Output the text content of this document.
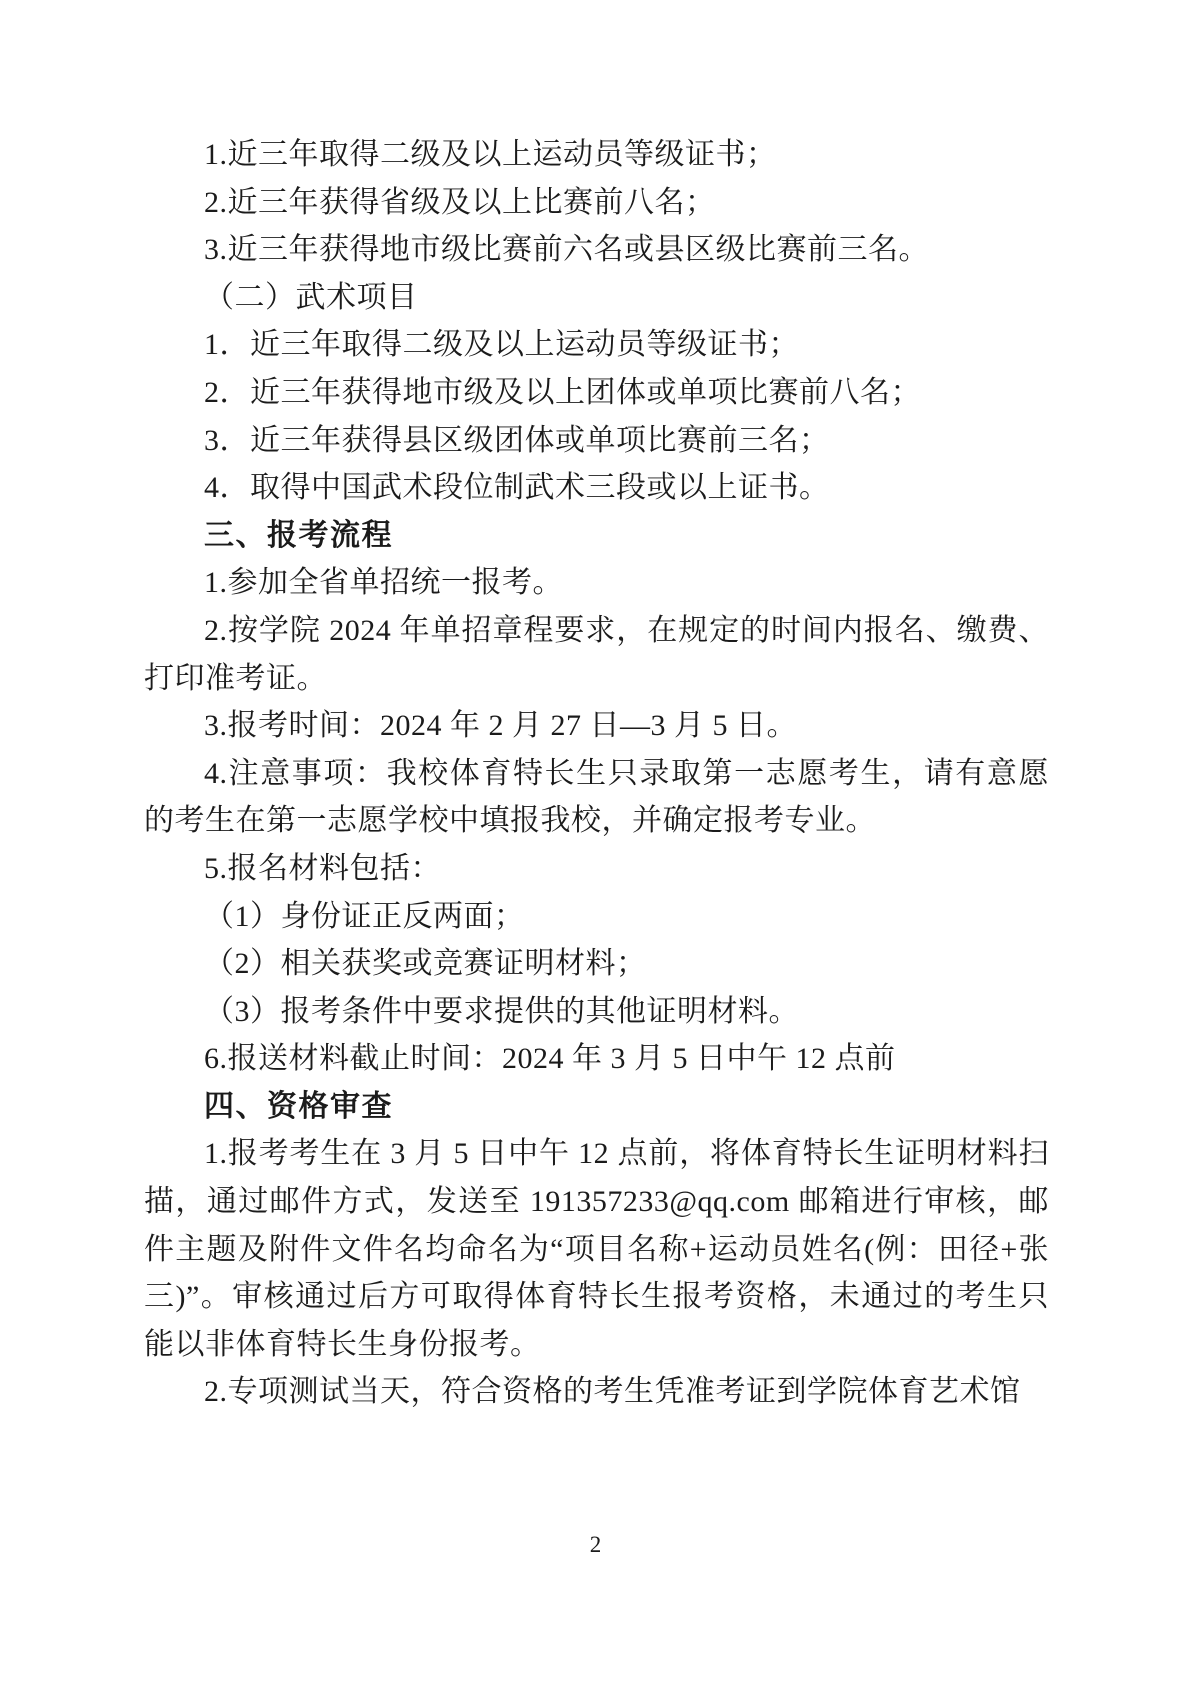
1.近三年取得二级及以上运动员等级证书；

2.近三年获得省级及以上比赛前八名；

3.近三年获得地市级比赛前六名或县区级比赛前三名。

（二）武术项目

1．近三年取得二级及以上运动员等级证书；

2．近三年获得地市级及以上团体或单项比赛前八名；

3．近三年获得县区级团体或单项比赛前三名；

4．取得中国武术段位制武术三段或以上证书。

三、报考流程

1.参加全省单招统一报考。

2.按学院 2024 年单招章程要求，在规定的时间内报名、缴费、打印准考证。

3.报考时间：2024 年 2 月 27 日—3 月 5 日。

4.注意事项：我校体育特长生只录取第一志愿考生，请有意愿的考生在第一志愿学校中填报我校，并确定报考专业。

5.报名材料包括：

（1）身份证正反两面；

（2）相关获奖或竞赛证明材料；

（3）报考条件中要求提供的其他证明材料。

6.报送材料截止时间：2024 年 3 月 5 日中午 12 点前

四、资格审查

1.报考考生在 3 月 5 日中午 12 点前，将体育特长生证明材料扫描，通过邮件方式，发送至 191357233@qq.com 邮箱进行审核，邮件主题及附件文件名均命名为“项目名称+运动员姓名(例：田径+张三)”。审核通过后方可取得体育特长生报考资格，未通过的考生只能以非体育特长生身份报考。

2.专项测试当天，符合资格的考生凭准考证到学院体育艺术馆

2
